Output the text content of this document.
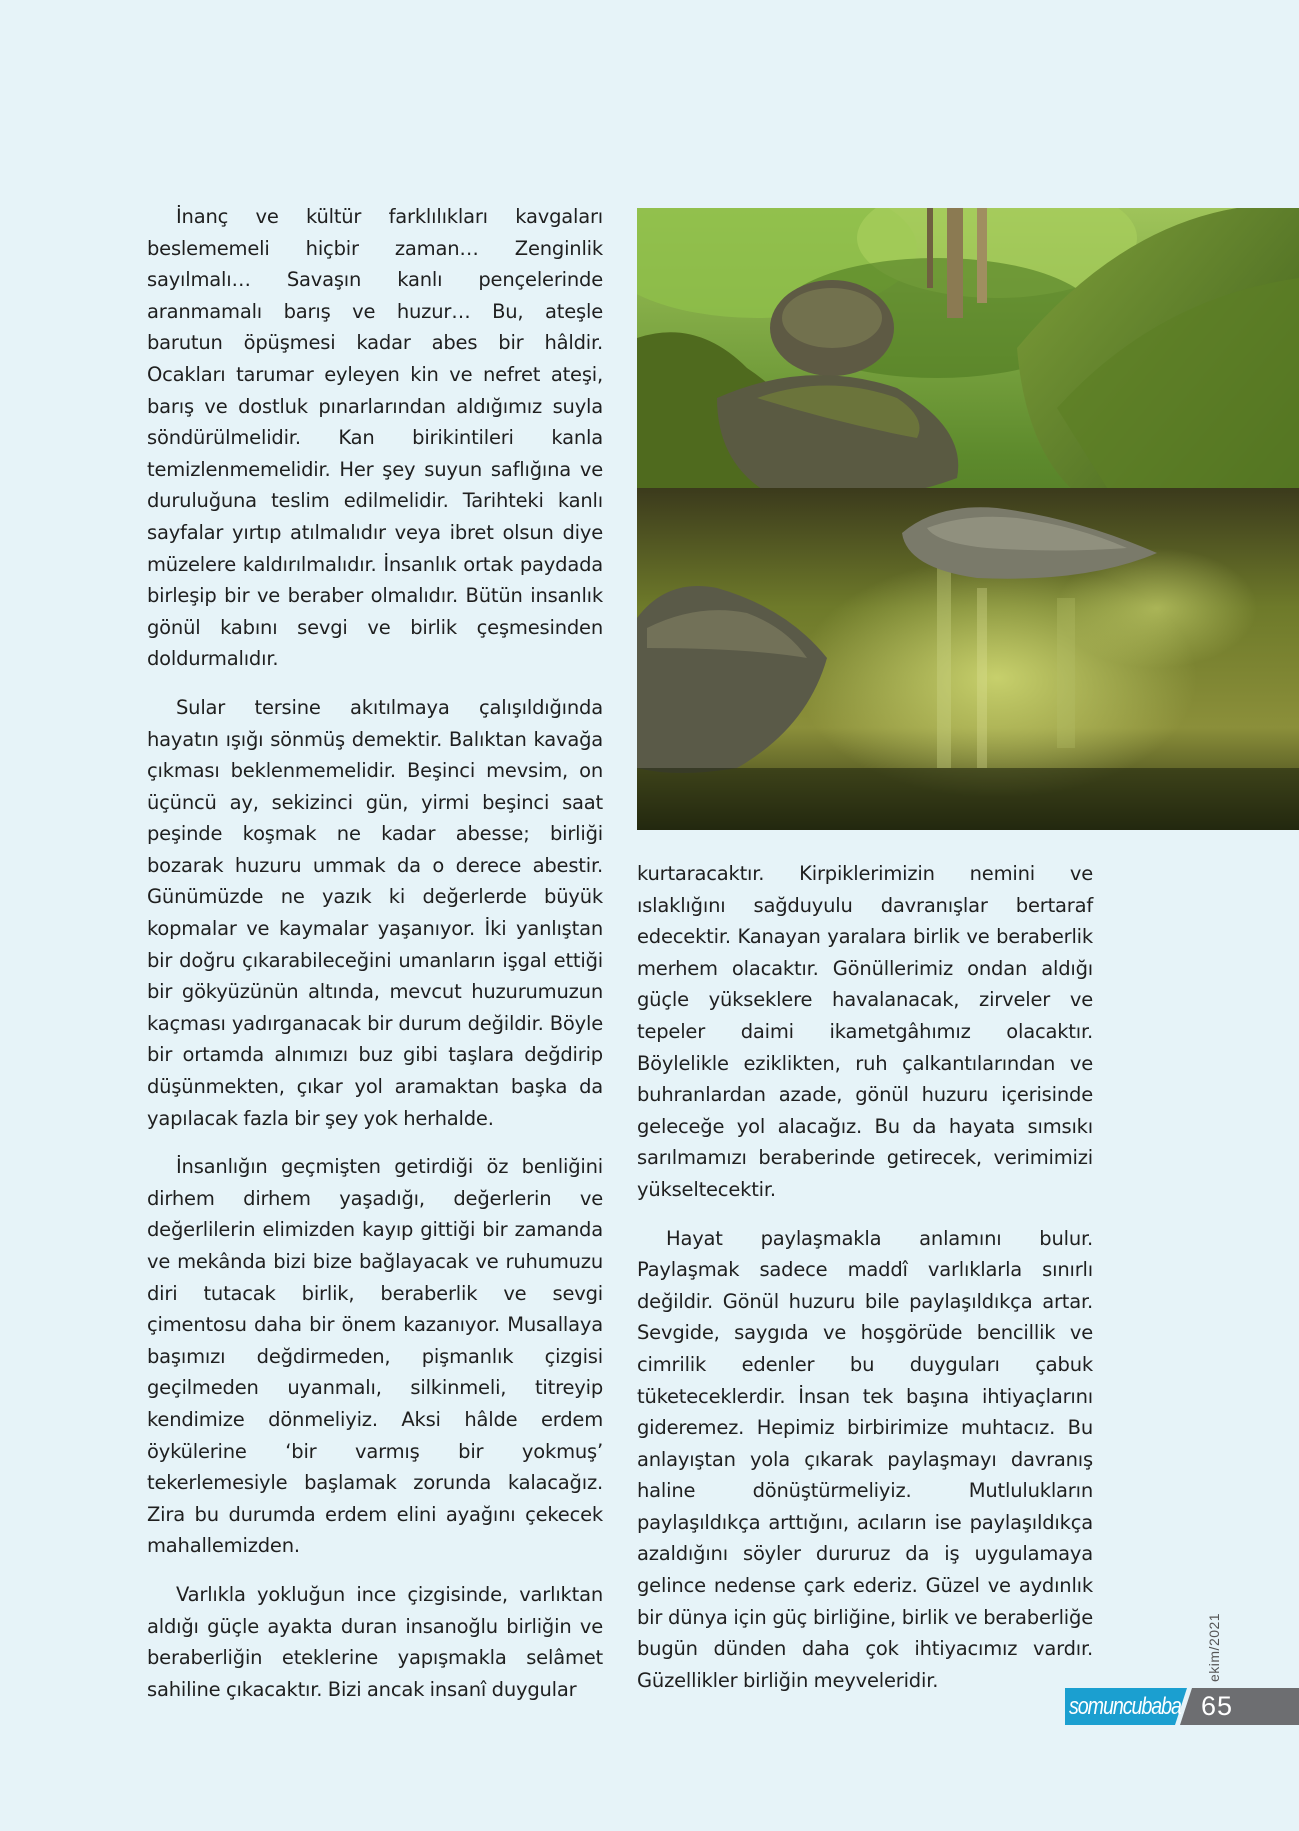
İnanç ve kültür farklılıkları kavgaları beslememeli hiçbir zaman… Zenginlik sayılmalı… Savaşın kanlı pençelerinde aranmamalı barış ve huzur… Bu, ateşle barutun öpüşmesi kadar abes bir hâldir. Ocakları tarumar eyleyen kin ve nefret ateşi, barış ve dostluk pınarlarından aldığımız suyla söndürülmelidir. Kan birikintileri kanla temizlenmemelidir. Her şey suyun saflığına ve duruluğuna teslim edilmelidir. Tarihteki kanlı sayfalar yırtıp atılmalıdır veya ibret olsun diye müzelere kaldırılmalıdır. İnsanlık ortak paydada birleşip bir ve beraber olmalıdır. Bütün insanlık gönül kabını sevgi ve birlik çeşmesinden doldurmalıdır.

Sular tersine akıtılmaya çalışıldığında hayatın ışığı sönmüş demektir. Balıktan kavağa çıkması beklenmemelidir. Beşinci mevsim, on üçüncü ay, sekizinci gün, yirmi beşinci saat peşinde koşmak ne kadar abesse; birliği bozarak huzuru ummak da o derece abestir. Günümüzde ne yazık ki değerlerde büyük kopmalar ve kaymalar yaşanıyor. İki yanlıştan bir doğru çıkarabileceğini umanların işgal ettiği bir gökyüzünün altında, mevcut huzurumuzun kaçması yadırganacak bir durum değildir. Böyle bir ortamda alnımızı buz gibi taşlara değdirip düşünmekten, çıkar yol aramaktan başka da yapılacak fazla bir şey yok herhalde.

İnsanlığın geçmişten getirdiği öz benliğini dirhem dirhem yaşadığı, değerlerin ve değerlilerin elimizden kayıp gittiği bir zamanda ve mekânda bizi bize bağlayacak ve ruhumuzu diri tutacak birlik, beraberlik ve sevgi çimentosu daha bir önem kazanıyor. Musallaya başımızı değdirmeden, pişmanlık çizgisi geçilmeden uyanmalı, silkinmeli, titreyip kendimize dönmeliyiz. Aksi hâlde erdem öykülerine ‘bir varmış bir yokmuş’ tekerlemesiyle başlamak zorunda kalacağız. Zira bu durumda erdem elini ayağını çekecek mahallemizden.

Varlıkla yokluğun ince çizgisinde, varlıktan aldığı güçle ayakta duran insanoğlu birliğin ve beraberliğin eteklerine yapışmakla selâmet sahiline çıkacaktır. Bizi ancak insanî duygular

kurtaracaktır. Kirpiklerimizin nemini ve ıslaklığını sağduyulu davranışlar bertaraf edecektir. Kanayan yaralara birlik ve beraberlik merhem olacaktır. Gönüllerimiz ondan aldığı güçle yükseklere havalanacak, zirveler ve tepeler daimi ikametgâhımız olacaktır. Böylelikle eziklikten, ruh çalkantılarından ve buhranlardan azade, gönül huzuru içerisinde geleceğe yol alacağız. Bu da hayata sımsıkı sarılmamızı beraberinde getirecek, verimimizi yükseltecektir.

Hayat paylaşmakla anlamını bulur. Paylaşmak sadece maddî varlıklarla sınırlı değildir. Gönül huzuru bile paylaşıldıkça artar. Sevgide, saygıda ve hoşgörüde bencillik ve cimrilik edenler bu duyguları çabuk tüketeceklerdir. İnsan tek başına ihtiyaçlarını gideremez. Hepimiz birbirimize muhtacız. Bu anlayıştan yola çıkarak paylaşmayı davranış haline dönüştürmeliyiz. Mutlulukların paylaşıldıkça arttığını, acıların ise paylaşıldıkça azaldığını söyler dururuz da iş uygulamaya gelince nedense çark ederiz. Güzel ve aydınlık bir dünya için güç birliğine, birlik ve beraberliğe bugün dünden daha çok ihtiyacımız vardır. Güzellikler birliğin meyveleridir.	ekim/2021
somuncubaba 65
